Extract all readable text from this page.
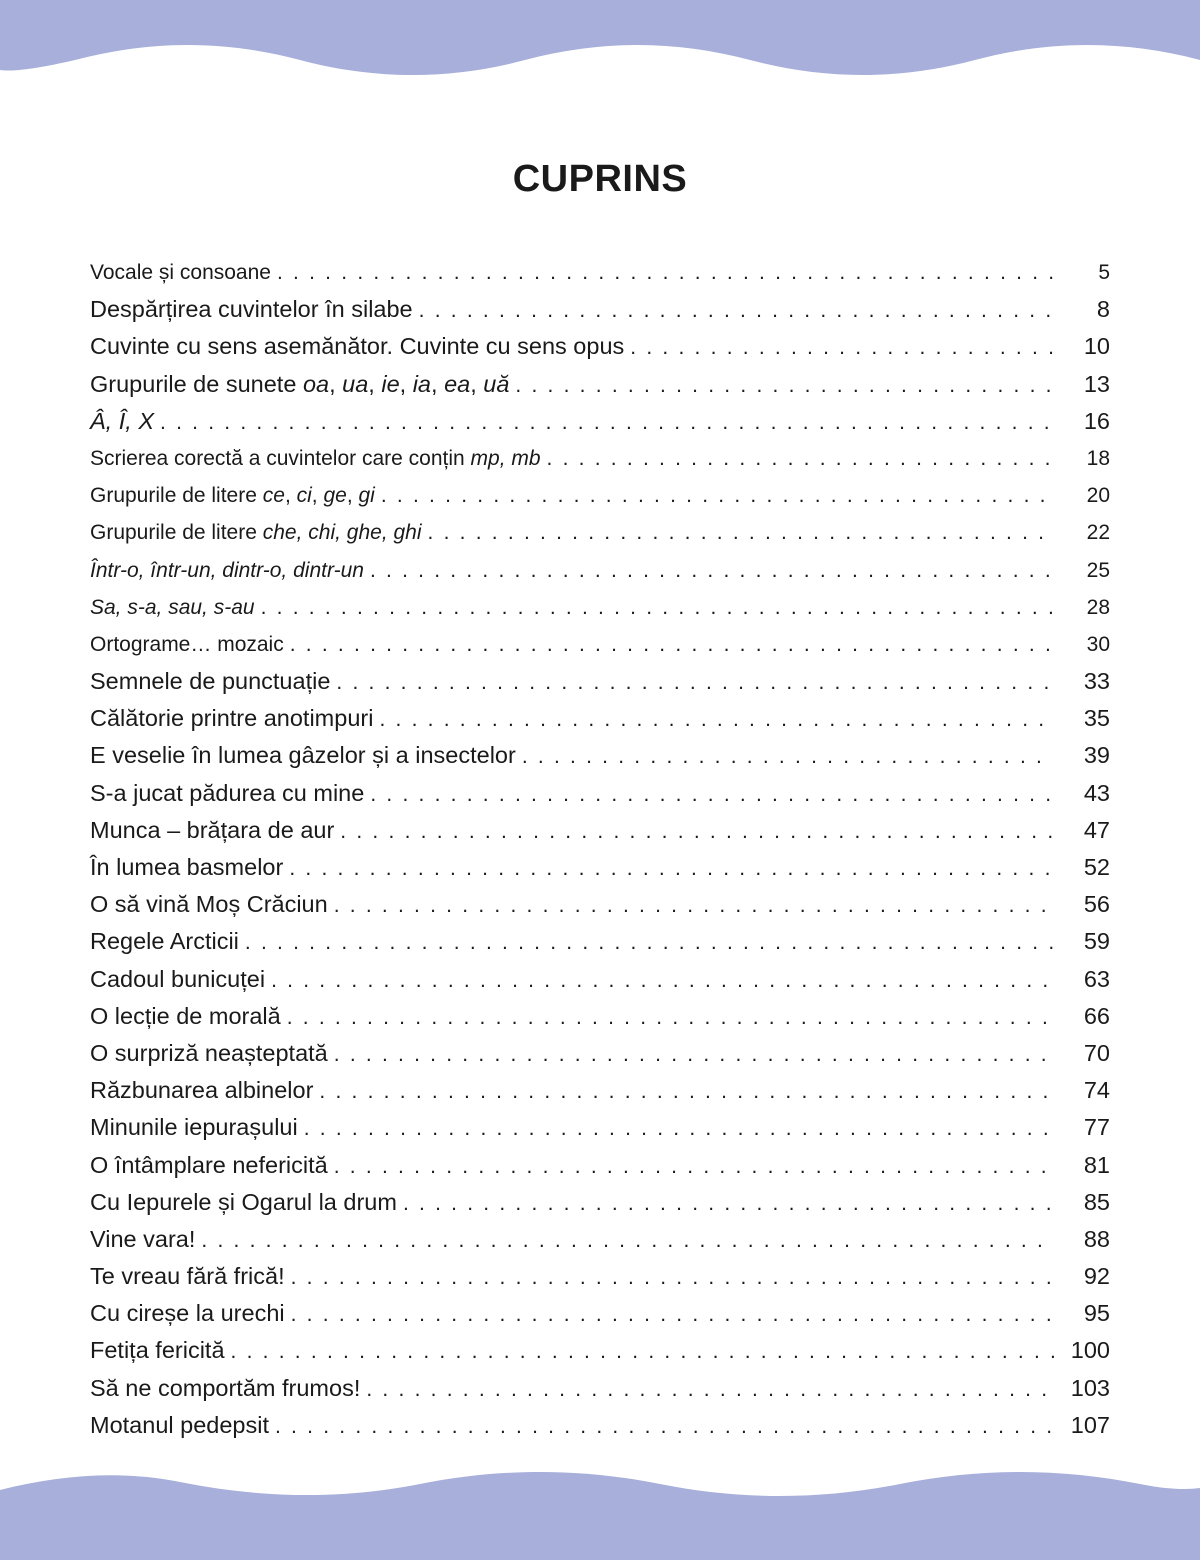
CUPRINS
Vocale și consoane . . .	5
Despărțirea cuvintelor în silabe . . .	8
Cuvinte cu sens asemănător. Cuvinte cu sens opus . . .	10
Grupurile de sunete oa, ua, ie, ia, ea, uă . . .	13
Â, Î, X . . .	16
Scrierea corectă a cuvintelor care conțin mp, mb . . .	18
Grupurile de litere ce, ci, ge, gi . . .	20
Grupurile de litere che, chi, ghe, ghi . . .	22
Într-o, într-un, dintr-o, dintr-un . . .	25
Sa, s-a, sau, s-au . . .	28
Ortograme… mozaic . . .	30
Semnele de punctuație . . .	33
Călătorie printre anotimpuri . . .	35
E veselie în lumea gâzelor și a insectelor . . .	39
S-a jucat pădurea cu mine . . .	43
Munca – brățara de aur . . .	47
În lumea basmelor . . .	52
O să vină Moș Crăciun . . .	56
Regele Arcticii . . .	59
Cadoul bunicuței . . .	63
O lecție de morală . . .	66
O surpriză neașteptată . . .	70
Răzbunarea albinelor . . .	74
Minunile iepurașului . . .	77
O întâmplare nefericită . . .	81
Cu Iepurele și Ogarul la drum . . .	85
Vine vara! . . .	88
Te vreau fără frică! . . .	92
Cu cireșe la urechi . . .	95
Fetița fericită . . .	100
Să ne comportăm frumos! . . .	103
Motanul pedepsit . . .	107
